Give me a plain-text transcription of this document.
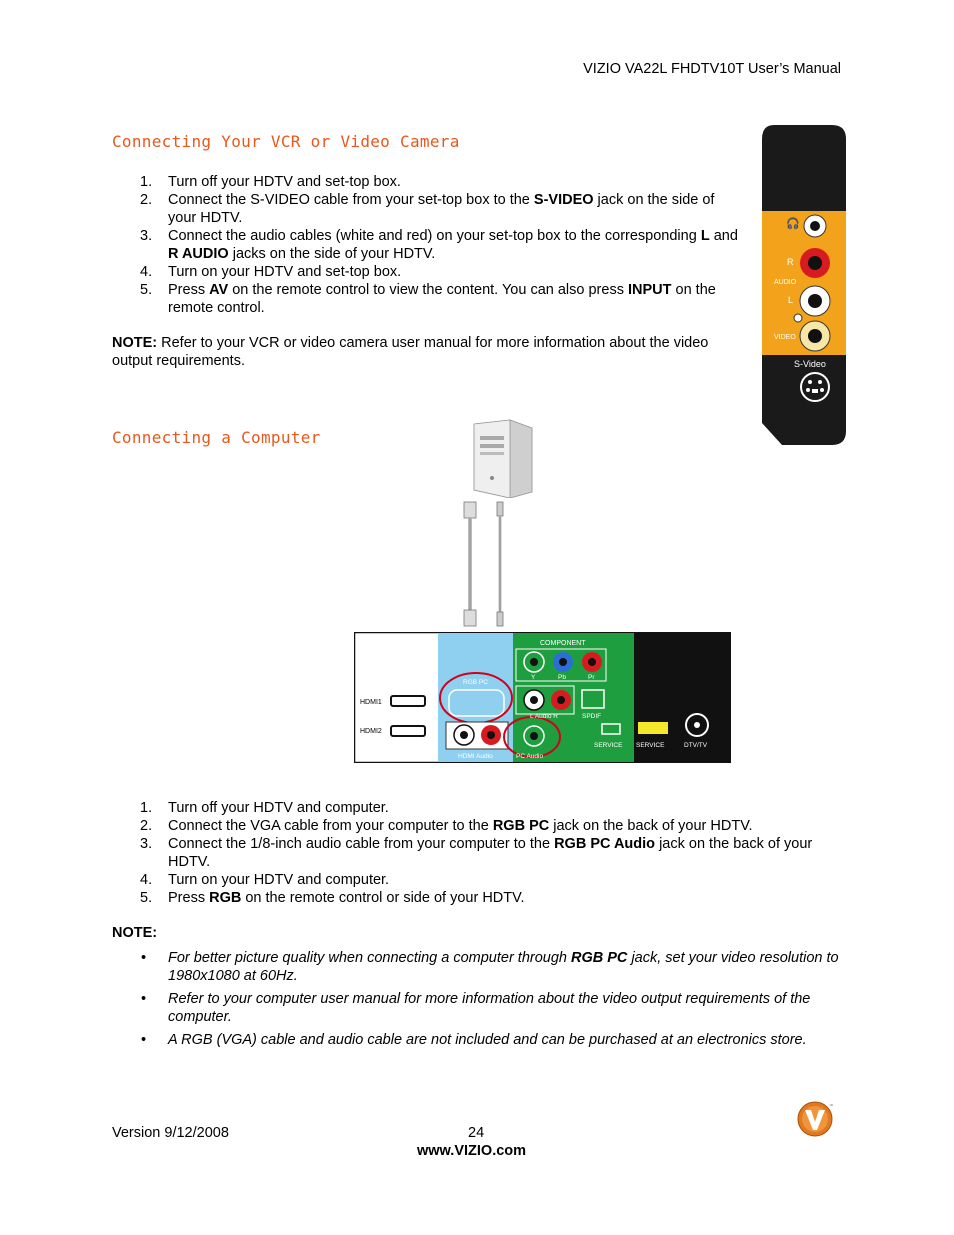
VIZIO VA22L FHDTV10T User’s Manual
Connecting Your VCR or Video Camera
1. Turn off your HDTV and set-top box.
2. Connect the S-VIDEO cable from your set-top box to the S-VIDEO jack on the side of your HDTV.
3. Connect the audio cables (white and red) on your set-top box to the corresponding L and R AUDIO jacks on the side of your HDTV.
4. Turn on your HDTV and set-top box.
5. Press AV on the remote control to view the content. You can also press INPUT on the remote control.
NOTE: Refer to your VCR or video camera user manual for more information about the video output requirements.
🎧
R
AUDIO
L
VIDEO
S-Video
Connecting a Computer
HDMI1
HDMI2
RGB PC
HDMI Audio	PC Audio
COMPONENT
Y	Pb	Pr
L Audio R	SPDIF
SERVICE SERVICE	DTV/TV
1. Turn off your HDTV and computer.
2. Connect the VGA cable from your computer to the RGB PC jack on the back of your HDTV.
3. Connect the 1/8-inch audio cable from your computer to the RGB PC Audio jack on the back of your HDTV.
4. Turn on your HDTV and computer.
5. Press RGB on the remote control or side of your HDTV.
NOTE:
• For better picture quality when connecting a computer through RGB PC jack, set your video resolution to 1980x1080 at 60Hz.
• Refer to your computer user manual for more information about the video output requirements of the computer.
• A RGB (VGA) cable and audio cable are not included and can be purchased at an electronics store.
Version 9/12/2008	24
www.VIZIO.com
™
